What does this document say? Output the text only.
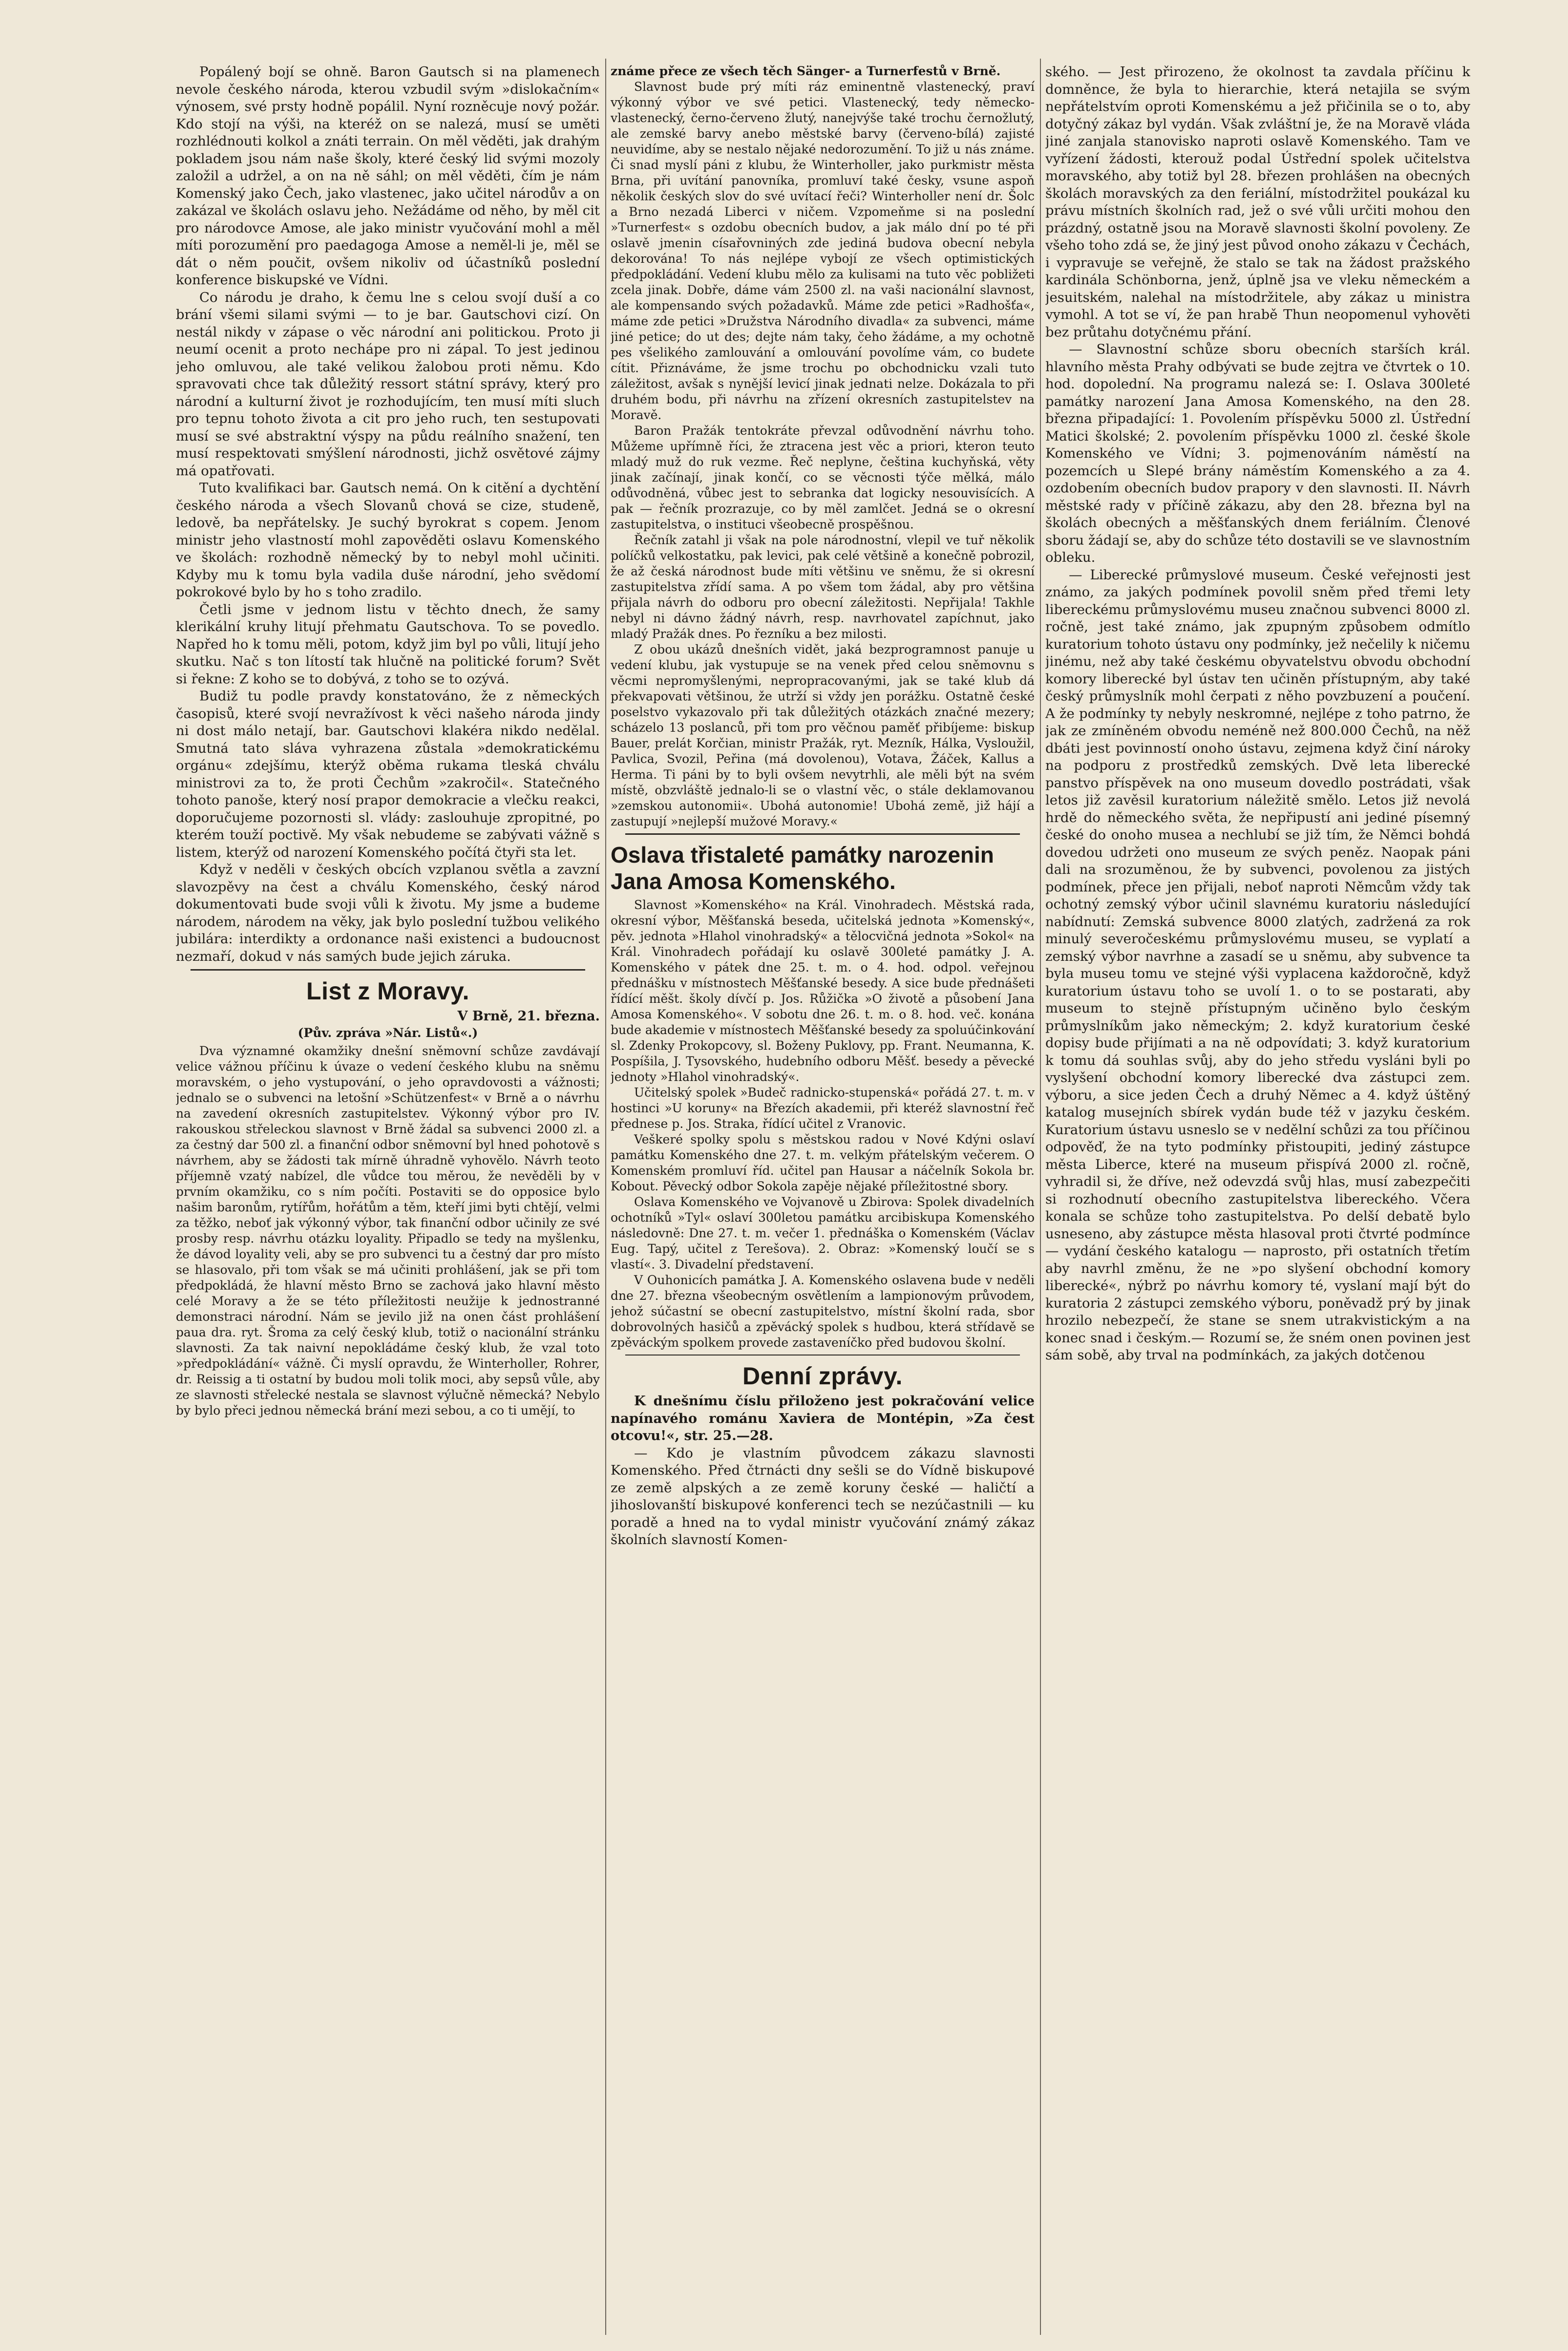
Popálený bojí se ohně. Baron Gautsch si na plamenech nevole českého národa, kterou vzbudil svým »dislokačním« výnosem, své prsty hodně popálil. Nyní rozněcuje nový požár. Kdo stojí na výši, na kteréž on se nalezá, musí se uměti rozhlédnouti kolkol a znáti terrain. On měl věděti, jak drahým pokladem jsou nám naše školy, které český lid svými mozoly založil a udržel, a on na ně sáhl; on měl věděti, čím je nám Komenský jako Čech, jako vlastenec, jako učitel národův a on zakázal ve školách oslavu jeho. Nežádáme od něho, by měl cit pro národovce Amose, ale jako ministr vyučování mohl a měl míti porozumění pro paedagoga Amose a neměl-li je, měl se dát o něm poučit, ovšem nikoliv od účastníků poslední konference biskupské ve Vídni.

Co národu je draho, k čemu lne s celou svojí duší a co brání všemi silami svými — to je bar. Gautschovi cizí. On nestál nikdy v zápase o věc národní ani politickou. Proto ji neumí ocenit a proto nechápe pro ni zápal. To jest jedinou jeho omluvou, ale také velikou žalobou proti němu. Kdo spravovati chce tak důležitý ressort státní správy, který pro národní a kulturní život je rozhodujícím, ten musí míti sluch pro tepnu tohoto života a cit pro jeho ruch, ten sestupovati musí se své abstraktní výspy na půdu reálního snažení, ten musí respektovati smýšlení národnosti, jichž osvětové zájmy má opatřovati.

Tuto kvalifikaci bar. Gautsch nemá. On k citění a dychtění českého národa a všech Slovanů chová se cize, studeně, ledově, ba nepřátelsky. Je suchý byrokrat s copem. Jenom ministr jeho vlastností mohl zapověděti oslavu Komenského ve školách: rozhodně německý by to nebyl mohl učiniti. Kdyby mu k tomu byla vadila duše národní, jeho svědomí pokrokové bylo by ho s toho zradilo.

Četli jsme v jednom listu v těchto dnech, že samy klerikální kruhy litují přehmatu Gautschova. To se povedlo. Napřed ho k tomu měli, potom, když jim byl po vůli, litují jeho skutku. Nač s ton lítostí tak hlučně na politické forum? Svět si řekne: Z koho se to dobývá, z toho se to ozývá.

Budiž tu podle pravdy konstatováno, že z německých časopisů, které svojí nevražívost k věci našeho národa jindy ni dost málo netají, bar. Gautschovi klakéra nikdo nedělal. Smutná tato sláva vyhrazena zůstala »demokratickému orgánu« zdejšímu, kterýž oběma rukama tleská chválu ministrovi za to, že proti Čechům »zakročil«. Statečného tohoto panoše, který nosí prapor demokracie a vlečku reakci, doporučujeme pozornosti sl. vlády: zaslouhuje zpropitné, po kterém touží poctivě. My však nebudeme se zabývati vážně s listem, kterýž od narození Komenského počítá čtyři sta let.

Když v neděli v českých obcích vzplanou světla a zavzní slavozpěvy na čest a chválu Komenského, český národ dokumentovati bude svoji vůli k životu. My jsme a budeme národem, národem na věky, jak bylo poslední tužbou velikého jubilára: interdikty a ordonance naši existenci a budoucnost nezmaří, dokud v nás samých bude jejich záruka.

List z Moravy.

V Brně, 21. března.

(Pův. zpráva »Nár. Listů«.)

Dva významné okamžiky dnešní sněmovní schůze zavdávají velice vážnou příčinu k úvaze o vedení českého klubu na sněmu moravském, o jeho vystupování, o jeho opravdovosti a vážnosti; jednalo se o subvenci na letošní »Schützenfest« v Brně a o návrhu na zavedení okresních zastupitelstev. Výkonný výbor pro IV. rakouskou střeleckou slavnost v Brně žádal sa subvenci 2000 zl. a za čestný dar 500 zl. a finanční odbor sněmovní byl hned pohotově s návrhem, aby se žádosti tak mírně úhradně vyhovělo. Návrh teoto příjemně vzatý nabízel, dle vůdce tou měrou, že nevěděli by v prvním okamžiku, co s ním počíti. Postaviti se do opposice bylo našim baronům, rytířům, hořátům a těm, kteří jimi byti chtějí, velmi za těžko, neboť jak výkonný výbor, tak finanční odbor učinily ze své prosby resp. návrhu otázku loyality. Připadlo se tedy na myšlenku, že dávod loyality veli, aby se pro subvenci tu a čestný dar pro místo se hlasovalo, při tom však se má učiniti prohlášení, jak se při tom předpokládá, že hlavní město Brno se zachová jako hlavní město celé Moravy a že se této příležitosti neužije k jednostranné demonstraci národní. Nám se jevilo již na onen část prohlášení paua dra. ryt. Šroma za celý český klub, totiž o nacionální stránku slavnosti. Za tak naivní nepokládáme český klub, že vzal toto »předpokládání« vážně. Či myslí opravdu, že Winterholler, Rohrer, dr. Reissig a ti ostatní by budou moli tolik moci, aby sepsů vůle, aby ze slavnosti střelecké nestala se slavnost výlučně německá? Nebylo by bylo přeci jednou německá brání mezi sebou, a co ti umějí, to

známe přece ze všech těch Sänger- a Turnerfestů v Brně.

Slavnost bude prý míti ráz eminentně vlastenecký, praví výkonný výbor ve své petici. Vlastenecký, tedy německo-vlastenecký, černo-červeno žlutý, nanejvýše také trochu černožlutý, ale zemské barvy anebo městské barvy (červeno-bílá) zajisté neuvidíme, aby se nestalo nějaké nedorozumění. To již u nás známe. Či snad myslí páni z klubu, že Winterholler, jako purkmistr města Brna, při uvítání panovníka, promluví také česky, vsune aspoň několik českých slov do své uvítací řeči? Winterholler není dr. Šolc a Brno nezadá Liberci v ničem. Vzpomeňme si na poslední »Turnerfest« s ozdobu obecních budov, a jak málo dní po té při oslavě jmenin císařovniných zde jediná budova obecní nebyla dekorována! To nás nejlépe vybojí ze všech optimistických předpokládání. Vedení klubu mělo za kulisami na tuto věc pobližeti zcela jinak. Dobře, dáme vám 2500 zl. na vaši nacionální slavnost, ale kompensando svých požadavků. Máme zde petici »Radhošťa«, máme zde petici »Družstva Národního divadla« za subvenci, máme jiné petice; do ut des; dejte nám taky, čeho žádáme, a my ochotně pes všelikého zamlouvání a omlouvání povolíme vám, co budete cítit. Přiznáváme, že jsme trochu po obchodnicku vzali tuto záležitost, avšak s nynější levicí jinak jednati nelze. Dokázala to při druhém bodu, při návrhu na zřízení okresních zastupitelstev na Moravě.

Baron Pražák tentokráte převzal odůvodnění návrhu toho. Můžeme upřímně říci, že ztracena jest věc a priori, kteron teuto mladý muž do ruk vezme. Řeč neplyne, čeština kuchyňská, věty jinak začínají, jinak končí, co se věcnosti týče mělká, málo odůvodněná, vůbec jest to sebranka dat logicky nesouvisících. A pak — řečník prozrazuje, co by měl zamlčet. Jedná se o okresní zastupitelstva, o instituci všeobecně prospěšnou.

Řečník zatahl ji však na pole národnostní, vlepil ve tuř několik políčků velkostatku, pak levici, pak celé většině a konečně pobrozil, že až česká národnost bude míti většinu ve sněmu, že si okresní zastupitelstva zřídí sama. A po všem tom žádal, aby pro většina přijala návrh do odboru pro obecní záležitosti. Nepřijala! Takhle nebyl ni dávno žádný návrh, resp. navrhovatel zapíchnut, jako mladý Pražák dnes. Po řezníku a bez milosti.

Z obou ukázů dnešních vidět, jaká bezprogramnost panuje u vedení klubu, jak vystupuje se na venek před celou sněmovnu s věcmi nepromyšlenými, nepropracovanými, jak se také klub dá překvapovati většinou, že utrží si vždy jen porážku. Ostatně české poselstvo vykazovalo při tak důležitých otázkách značné mezery; scházelo 13 poslanců, při tom pro věčnou paměť přibíjeme: biskup Bauer, prelát Korčian, ministr Pražák, ryt. Mezník, Hálka, Vysloužil, Pavlica, Svozil, Peřina (má dovolenou), Votava, Žáček, Kallus a Herma. Ti páni by to byli ovšem nevytrhli, ale měli být na svém místě, obzvláště jednalo-li se o vlastní věc, o stále deklamovanou »zemskou autonomii«. Ubohá autonomie! Ubohá země, již hájí a zastupují »nejlepší mužové Moravy.«

Oslava třistaleté památky narozenin Jana Amosa Komenského.

Slavnost »Komenského« na Král. Vinohradech. Městská rada, okresní výbor, Měšťanská beseda, učitelská jednota »Komenský«, pěv. jednota »Hlahol vinohradský« a tělocvičná jednota »Sokol« na Král. Vinohradech pořádají ku oslavě 300leté památky J. A. Komenského v pátek dne 25. t. m. o 4. hod. odpol. veřejnou přednášku v místnostech Měšťanské besedy. A sice bude přednášeti řídící měšt. školy dívčí p. Jos. Růžička »O životě a působení Jana Amosa Komenského«. V sobotu dne 26. t. m. o 8. hod. več. konána bude akademie v místnostech Měšťanské besedy za spoluúčinkování sl. Zdenky Prokopcovy, sl. Boženy Puklovy, pp. Frant. Neumanna, K. Pospíšila, J. Tysovského, hudebního odboru Měšť. besedy a pěvecké jednoty »Hlahol vinohradský«.

Učitelský spolek »Budeč radnicko-stupenská« pořádá 27. t. m. v hostinci »U koruny« na Březích akademii, při kteréž slavnostní řeč přednese p. Jos. Straka, řídící učitel z Vranovic.

Veškeré spolky spolu s městskou radou v Nové Kdýni oslaví památku Komenského dne 27. t. m. velkým přátelským večerem. O Komenském promluví říd. učitel pan Hausar a náčelník Sokola br. Kobout. Pěvecký odbor Sokola zapěje nějaké příležitostné sbory.

Oslava Komenského ve Vojvanově u Zbirova: Spolek divadelních ochotníků »Tyl« oslaví 300letou památku arcibiskupa Komenského následovně: Dne 27. t. m. večer 1. přednáška o Komenském (Václav Eug. Tapý, učitel z Terešova). 2. Obraz: »Komenský loučí se s vlastí«. 3. Divadelní představení.

V Ouhonicích památka J. A. Komenského oslavena bude v neděli dne 27. března všeobecným osvětlením a lampionovým průvodem, jehož súčastní se obecní zastupitelstvo, místní školní rada, sbor dobrovolných hasičů a zpěvácký spolek s hudbou, která střídavě se zpěváckým spolkem provede zastaveníčko před budovou školní.

Denní zprávy.

K dnešnímu číslu přiloženo jest pokračování velice napínavého románu Xaviera de Montépin, »Za čest otcovu!«, str. 25.—28.

— Kdo je vlastním původcem zákazu slavnosti Komenského. Před čtrnácti dny sešli se do Vídně biskupové ze země alpských a ze země koruny české — haličtí a jihoslovanští biskupové konferenci tech se nezúčastnili — ku poradě a hned na to vydal ministr vyučování známý zákaz školních slavností Komen-

ského. — Jest přirozeno, že okolnost ta zavdala příčinu k domněnce, že byla to hierarchie, která netajila se svým nepřátelstvím oproti Komenskému a jež přičinila se o to, aby dotyčný zákaz byl vydán. Však zvláštní je, že na Moravě vláda jiné zanjala stanovisko naproti oslavě Komenského. Tam ve vyřízení žádosti, kterouž podal Ústřední spolek učitelstva moravského, aby totiž byl 28. březen prohlášen na obecných školách moravských za den feriální, místodržitel poukázal ku právu místních školních rad, jež o své vůli určiti mohou den prázdný, ostatně jsou na Moravě slavnosti školní povoleny. Ze všeho toho zdá se, že jiný jest původ onoho zákazu v Čechách, i vypravuje se veřejně, že stalo se tak na žádost pražského kardinála Schönborna, jenž, úplně jsa ve vleku německém a jesuitském, nalehal na místodržitele, aby zákaz u ministra vymohl. A tot se ví, že pan hrabě Thun neopomenul vyhověti bez průtahu dotyčnému přání.

— Slavnostní schůze sboru obecních starších král. hlavního města Prahy odbývati se bude zejtra ve čtvrtek o 10. hod. dopolední. Na programu nalezá se: I. Oslava 300leté památky narození Jana Amosa Komenského, na den 28. března připadající: 1. Povolením příspěvku 5000 zl. Ústřední Matici školské; 2. povolením příspěvku 1000 zl. české škole Komenského ve Vídni; 3. pojmenováním náměstí na pozemcích u Slepé brány náměstím Komenského a za 4. ozdobením obecních budov prapory v den slavnosti. II. Návrh městské rady v příčině zákazu, aby den 28. března byl na školách obecných a měšťanských dnem feriálním. Členové sboru žádají se, aby do schůze této dostavili se ve slavnostním obleku.

— Liberecké průmyslové museum. České veřejnosti jest známo, za jakých podmínek povolil sněm před třemi lety libereckému průmyslovému museu značnou subvenci 8000 zl. ročně, jest také známo, jak zpupným způsobem odmítlo kuratorium tohoto ústavu ony podmínky, jež nečelily k ničemu jinému, než aby také českému obyvatelstvu obvodu obchodní komory liberecké byl ústav ten učiněn přístupným, aby také český průmyslník mohl čerpati z něho povzbuzení a poučení. A že podmínky ty nebyly neskromné, nejlépe z toho patrno, že jak ze zmíněném obvodu neméně než 800.000 Čechů, na něž dbáti jest povinností onoho ústavu, zejmena když činí nároky na podporu z prostředků zemských. Dvě leta liberecké panstvo příspěvek na ono museum dovedlo postrádati, však letos již zavěsil kuratorium náležitě smělo. Letos již nevolá hrdě do německého světa, že nepřipustí ani jediné písemný české do onoho musea a nechlubí se již tím, že Němci bohdá dovedou udržeti ono museum ze svých peněz. Naopak páni dali na srozuměnou, že by subvenci, povolenou za jistých podmínek, přece jen přijali, neboť naproti Němcům vždy tak ochotný zemský výbor učinil slavnému kuratoriu následující nabídnutí: Zemská subvence 8000 zlatých, zadržená za rok minulý severočeskému průmyslovému museu, se vyplatí a zemský výbor navrhne a zasadí se u sněmu, aby subvence ta byla museu tomu ve stejné výši vyplacena každoročně, když kuratorium ústavu toho se uvolí 1. o to se postarati, aby museum to stejně přístupným učiněno bylo českým průmyslníkům jako německým; 2. když kuratorium české dopisy bude přijímati a na ně odpovídati; 3. když kuratorium k tomu dá souhlas svůj, aby do jeho středu vysláni byli po vyslyšení obchodní komory liberecké dva zástupci zem. výboru, a sice jeden Čech a druhý Němec a 4. když úštěný katalog musejních sbírek vydán bude též v jazyku českém. Kuratorium ústavu usneslo se v nedělní schůzi za tou příčinou odpověď, že na tyto podmínky přistoupiti, jediný zástupce města Liberce, které na museum přispívá 2000 zl. ročně, vyhradil si, že dříve, než odevzdá svůj hlas, musí zabezpečiti si rozhodnutí obecního zastupitelstva libereckého. Včera konala se schůze toho zastupitelstva. Po delší debatě bylo usneseno, aby zástupce města hlasoval proti čtvrté podmínce — vydání českého katalogu — naprosto, při ostatních třetím aby navrhl změnu, že ne »po slyšení obchodní komory liberecké«, nýbrž po návrhu komory té, vyslaní mají být do kuratoria 2 zástupci zemského výboru, poněvadž prý by jinak hrozilo nebezpečí, že stane se snem utrakvistickým a na konec snad i českým.— Rozumí se, že sném onen povinen jest sám sobě, aby trval na podmínkách, za jakých dotčenou
